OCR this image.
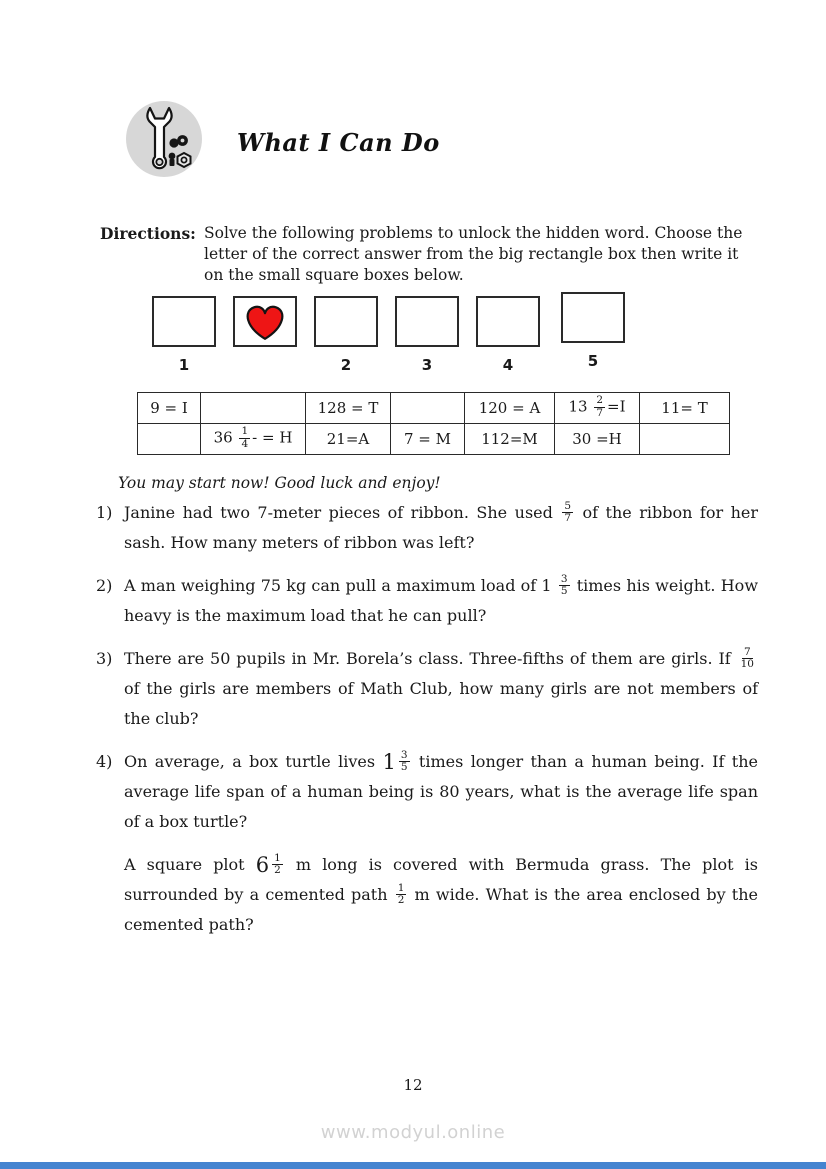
What I Can Do
Directions: Solve the following problems to unlock the hidden word. Choose the letter of the correct answer from the big rectangle box then write it on the small square boxes below.
1	2	3	4	5
9 = I		128 = T		120 = A	$13 \frac{2}{7} =I$	11= T
	$36 \frac{1}{4}$ - = H	21=A	7 = M	112=M	30 =H	
You may start now! Good luck and enjoy!
1) Janine had two 7-meter pieces of ribbon. She used $\frac{5}{7}$ of the ribbon for her sash. How many meters of ribbon was left?
2) A man weighing 75 kg can pull a maximum load of $1 \frac{3}{5}$ times his weight. How heavy is the maximum load that he can pull?
3) There are 50 pupils in Mr. Borela’s class. Three-fifths of them are girls. If $\frac{7}{10}$
of the girls are members of Math Club, how many girls are not members of the club?
4) On average, a box turtle lives $1 \frac{3}{5}$ times longer than a human being. If the average life span of a human being is 80 years, what is the average life span of a box turtle?
A square plot $6 \frac{1}{2}$ m long is covered with Bermuda grass. The plot is surrounded by a cemented path $\frac{1}{2}$ m wide. What is the area enclosed by the cemented path?
12
www.modyul.online
